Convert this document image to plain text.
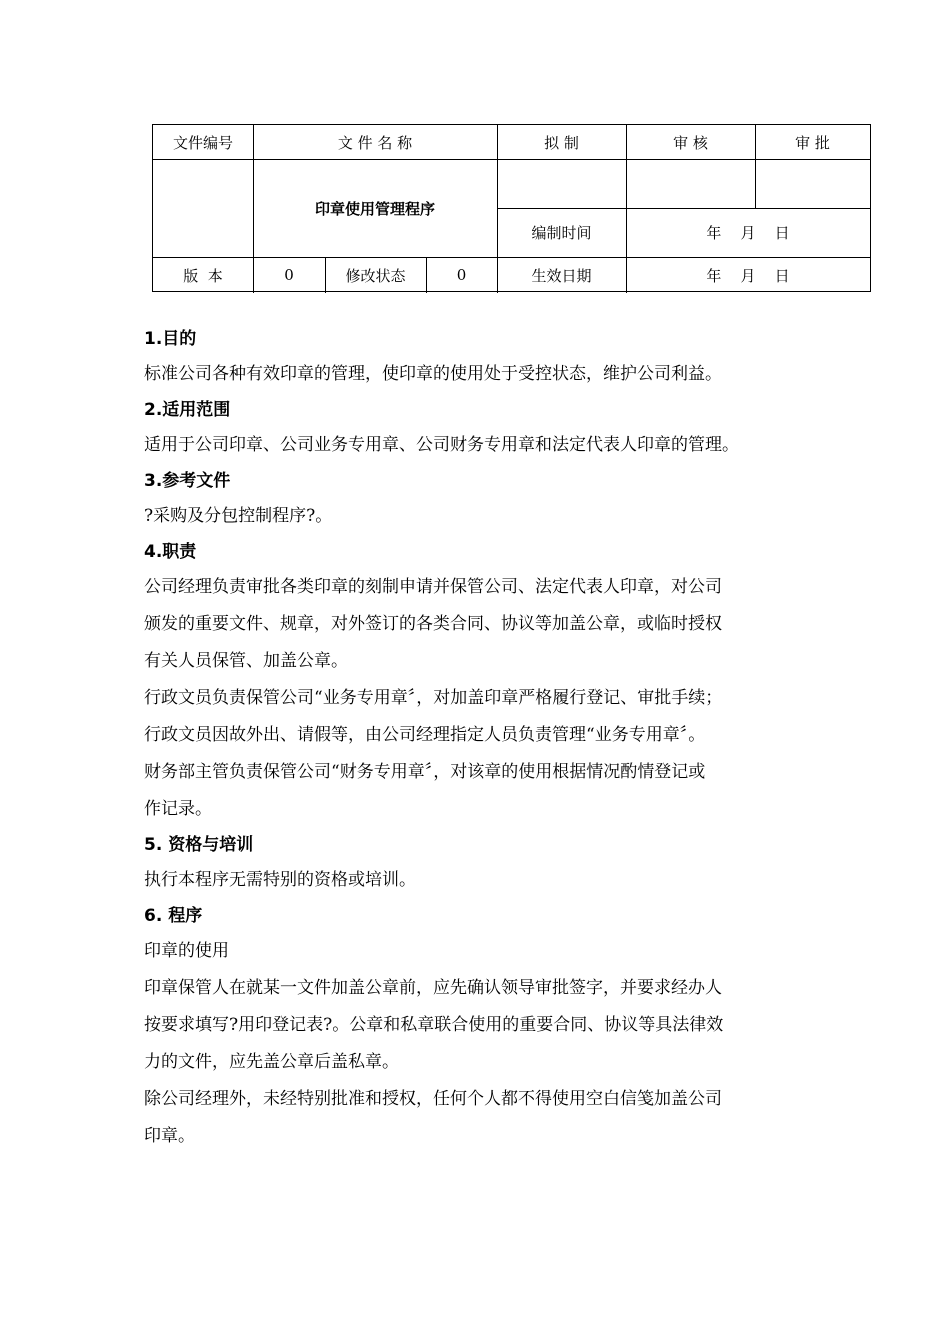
文件编号	文 件 名 称	拟 制	审 核	审 批
印章使用管理程序
编制时间	年    月    日
版  本	0	修改状态	0	生效日期	年    月    日
1.目的
标准公司各种有效印章的管理，使印章的使用处于受控状态，维护公司利益。
2.适用范围
适用于公司印章、公司业务专用章、公司财务专用章和法定代表人印章的管理。
3.参考文件
?采购及分包控制程序?。
4.职责
公司经理负责审批各类印章的刻制申请并保管公司、法定代表人印章，对公司
颁发的重要文件、规章，对外签订的各类合同、协议等加盖公章，或临时授权
有关人员保管、加盖公章。
行政文员负责保管公司“业务专用章〞，对加盖印章严格履行登记、审批手续；
行政文员因故外出、请假等，由公司经理指定人员负责管理“业务专用章〞。
财务部主管负责保管公司“财务专用章〞，对该章的使用根据情况酌情登记或
作记录。
5. 资格与培训
执行本程序无需特别的资格或培训。
6. 程序
印章的使用
印章保管人在就某一文件加盖公章前，应先确认领导审批签字，并要求经办人
按要求填写?用印登记表?。公章和私章联合使用的重要合同、协议等具法律效
力的文件，应先盖公章后盖私章。
除公司经理外，未经特别批准和授权，任何个人都不得使用空白信笺加盖公司
印章。
